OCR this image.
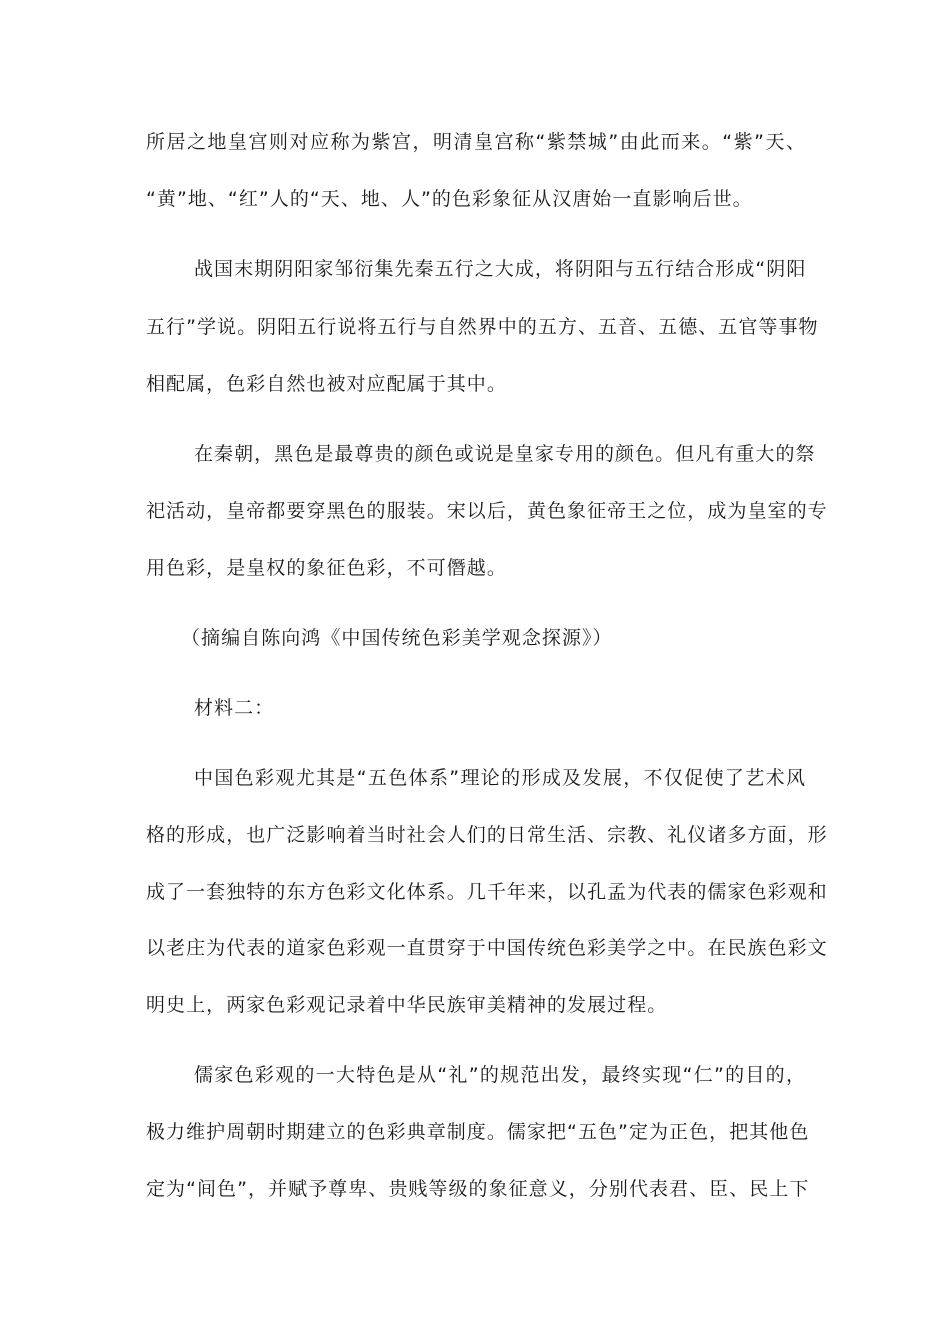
所居之地皇宫则对应称为紫宫，明清皇宫称“紫禁城”由此而来。“紫”天、
“黄”地、“红”人的“天、地、人”的色彩象征从汉唐始一直影响后世。
战国末期阴阳家邹衍集先秦五行之大成，将阴阳与五行结合形成“阴阳
五行”学说。阴阳五行说将五行与自然界中的五方、五音、五德、五官等事物
相配属，色彩自然也被对应配属于其中。
在秦朝，黑色是最尊贵的颜色或说是皇家专用的颜色。但凡有重大的祭
祀活动，皇帝都要穿黑色的服装。宋以后，黄色象征帝王之位，成为皇室的专
用色彩，是皇权的象征色彩，不可僭越。
（摘编自陈向鸿《中国传统色彩美学观念探源》）
材料二：
中国色彩观尤其是“五色体系”理论的形成及发展，不仅促使了艺术风
格的形成，也广泛影响着当时社会人们的日常生活、宗教、礼仪诸多方面，形
成了一套独特的东方色彩文化体系。几千年来，以孔孟为代表的儒家色彩观和
以老庄为代表的道家色彩观一直贯穿于中国传统色彩美学之中。在民族色彩文
明史上，两家色彩观记录着中华民族审美精神的发展过程。
儒家色彩观的一大特色是从“礼”的规范出发，最终实现“仁”的目的，
极力维护周朝时期建立的色彩典章制度。儒家把“五色”定为正色，把其他色
定为“间色”，并赋予尊卑、贵贱等级的象征意义，分别代表君、臣、民上下
